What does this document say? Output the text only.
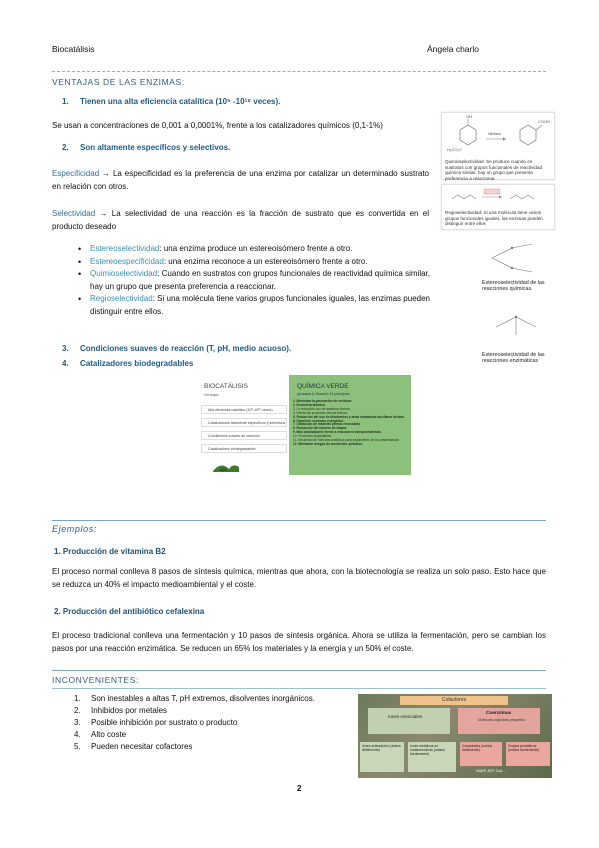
Biocatálisis	Ángela charlo
VENTAJAS DE LAS ENZIMAS:
1. Tienen una alta eficiencia catalítica (10⁵ -10¹⁸ veces).
Se usan a concentraciones de 0,001 a 0,0001%, frente a los catalizadores químicos (0,1-1%)
2. Son altamente específicos y selectivos.
Especificidad → La especificidad es la preferencia de una enzima por catalizar un determinado sustrato en relación con otros.
Selectividad → La selectividad de una reacción es la fracción de sustrato que es convertida en el producto deseado
• Estereoselectividad: una enzima produce un estereoisómero frente a otro.
• Estereoespecificidad: una enzima reconoce a un estereoisómero frente a otro.
• Quimioselectividad: Cuando en sustratos con grupos funcionales de reactividad química similar, hay un grupo que presenta preferencia a reaccionar.
• Regioselectividad: Si una molécula tiene varios grupos funcionales iguales, las enzimas pueden distinguir entre ellos.
3. Condiciones suaves de reacción (T, pH, medio acuoso).
4. Catalizadores biodegradables
OH
COOH
H₃CO₂C
Nitrilasa
Quimioselectividad: Se produce cuando en sustratos con grupos funcionales de reactividad química similar, hay un grupo que presenta preferencia a reaccionar.
Regioselectividad: Si una molécula tiene varios grupos funcionales iguales, las enzimas pueden distinguir entre ellos
Estereoselectividad de las reacciones químicas.
Estereoselectividad de las reacciones enzimáticas
BIOCATÁLISIS
Ventajas
Alta eficiencia catalítica (10⁵-10¹⁸ veces)
Catalizadores altamente específicos y selectivos
Condiciones suaves de reacción
Catalizadores biodegradables
QUÍMICA VERDE
(Anastas & Warner) 12 principios
1. Minimizar la generación de residuos
2. Economía atómica.
3. La reducción uso de reactivos tóxicos.
4. Diseño de productos menos tóxicos.
5. Reducción del uso de disolventes y otras sustancias auxiliares tóxicas.
6. Disminuir consumo energético .
7. Utilización de materias primas renovables
8. Reducción del número de etapas
9. Más catalizadores frente a reacciones estequiométricas
10. Productos degradables
11. Desarrollo de métodos analíticos para seguimiento de la contaminación
12. Minimizar riesgos de accidentes químicos.
Ejemplos:
1. Producción de vitamina B2
El proceso normal conlleva 8 pasos de síntesis química, mientras que ahora, con la biotecnología se realiza un solo paso. Esto hace que se reduzca un 40% el impacto medioambiental y el coste.
2. Producción del antibiótico cefalexina
El proceso tradicional conlleva una fermentación y 10 pasos de síntesis orgánica. Ahora se utiliza la fermentación, pero se cambian los pasos por una reacción enzimática. Se reducen un 65% los materiales y la energía y un 50% el coste.
INCONVENIENTES:
1. Son inestables a altas T, pH extremos, disolventes inorgánicos.
2. Inhibidos por metales
3. Posible inhibición por sustrato o producto
4. Alto coste
5. Pueden necesitar cofactores
Cofactores
Iones esenciales
Coenzimas
Moléculas orgánicas pequeñas
Iones activadores (unidos débilmente)
Iones metálicos en metaloenzimas (unidos fuertemente)
Cosustratos (unidos débilmente)
Grupos prostéticos (unidos fuertemente)
NADP, ATP, CoA...
2
